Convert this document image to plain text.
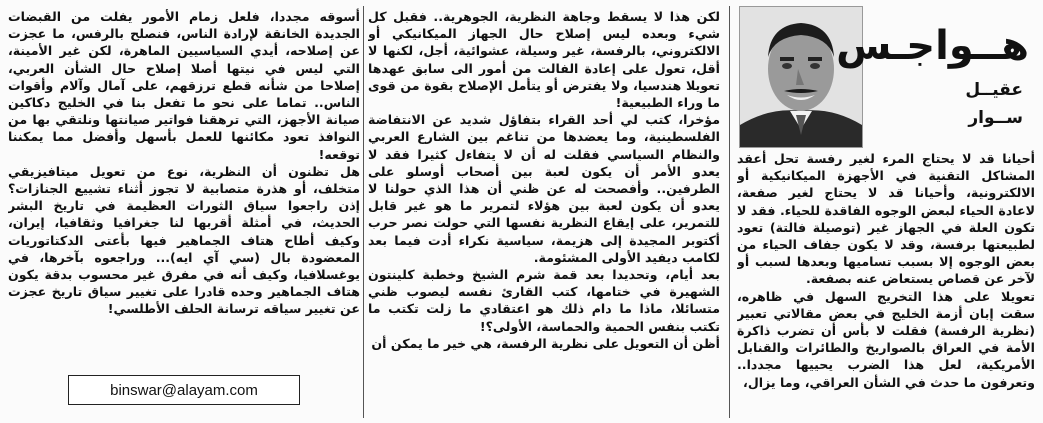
هــواجـس
عقيــل
ســوار

أحيانا قد لا يحتاج المرء لغير رفسة تحل أعقد المشاكل التقنية في الأجهزة الميكانيكية أو الالكترونية، وأحيانا قد لا يحتاج لغير صفعة، لاعادة الحياء لبعض الوجوه الفاقدة للحياء. فقد لا تكون العلة في الجهاز غير (توصيلة فالتة) تعود لطبيعتها برفسة، وقد لا يكون جفاف الحياء من بعض الوجوه إلا بسبب تساميها وبعدها لسبب أو لآخر عن قصاص يستعاض عنه بصفعة.

تعويلا على هذا التخريج السهل في ظاهره، سقت إبان أزمة الخليج في بعض مقالاتي تعبير (نظرية الرفسة) فقلت لا بأس أن تضرب ذاكرة الأمة في العراق بالصواريخ والطائرات والقنابل الأمريكية، لعل هذا الضرب يحييها مجددا.. وتعرفون ما حدث في الشأن العراقي، وما يزال،

لكن هذا لا يسقط وجاهة النظرية، الجوهرية.. فقبل كل شيء وبعده ليس إصلاح حال الجهاز الميكانيكي أو الالكتروني، بالرفسة، غير وسيلة، عشوائية، أجل، لكنها لا أقل، تعول على إعادة الفالت من أمور الى سابق عهدها تعويلا هندسيا، ولا يفترض أو يتأمل الإصلاح بقوة من قوى ما وراء الطبيعية!

مؤخرا، كتب لي أحد القراء بتفاؤل شديد عن الانتفاضة الفلسطينية، وما يعضدها من تناغم بين الشارع العربي والنظام السياسي فقلت له أن لا يتفاءل كثيرا فقد لا يعدو الأمر أن يكون لعبة بين أصحاب أوسلو على الطرفين.. وأفصحت له عن ظني أن هذا الذي حولنا لا يعدو أن يكون لعبة بين هؤلاء لتمرير ما هو غير قابل للتمرير، على إيقاع النظرية نفسها التي حولت نصر حرب أكتوبر المجيدة إلى هزيمة، سياسية نكراء أدت فيما بعد لكامب ديفيد الأولى المشئومة.

بعد أيام، وتحديدا بعد قمة شرم الشيخ وخطبة كلينتون الشهيرة في ختامها، كتب القارئ نفسه ليصوب ظني متسائلا، ماذا ما دام ذلك هو اعتقادي ما زلت تكتب ما تكتب بنفس الحمية والحماسة، الأولى؟!

أظن أن التعويل على نظرية الرفسة، هي خير ما يمكن أن

أسوقه مجددا، فلعل زمام الأمور يفلت من القبضات الجديدة الخانقة لإرادة الناس، فنصلح بالرفس، ما عجزت عن إصلاحه، أيدي السياسيين الماهرة، لكن غير الأمينة، التي ليس في نيتها أصلا إصلاح حال الشأن العربي، إصلاحا من شأنه قطع ترزقهم، على آمال وآلام وأقوات الناس.. تماما على نحو ما تفعل بنا في الخليج دكاكين صيانة الأجهز، التي ترهقنا فواتير صيانتها ونلتقي بها من النوافذ تعود مكائنها للعمل بأسهل وأفضل مما يمكننا توقعه!

هل تظنون أن النظرية، نوع من تعويل ميتافيزيقي متخلف، أو هذرة متصابية لا تجوز أثناء تشييع الجنازات؟ إذن راجعوا سياق الثورات العظيمة في تاريخ البشر الحديث، في أمثلة أقربها لنا جغرافيا وثقافيا، إيران، وكيف أطاح هتاف الجماهير فيها بأعتى الدكتاتوريات المعضودة بال (سي آي ايه)... وراجعوه بآخرها، في يوغسلافيا، وكيف أنه في مفرق غير محسوب بدقة يكون هتاف الجماهير وحده قادرا على تغيير سياق تاريخ عجزت عن تغيير سياقه ترسانة الحلف الأطلسي!

binswar@alayam.com
